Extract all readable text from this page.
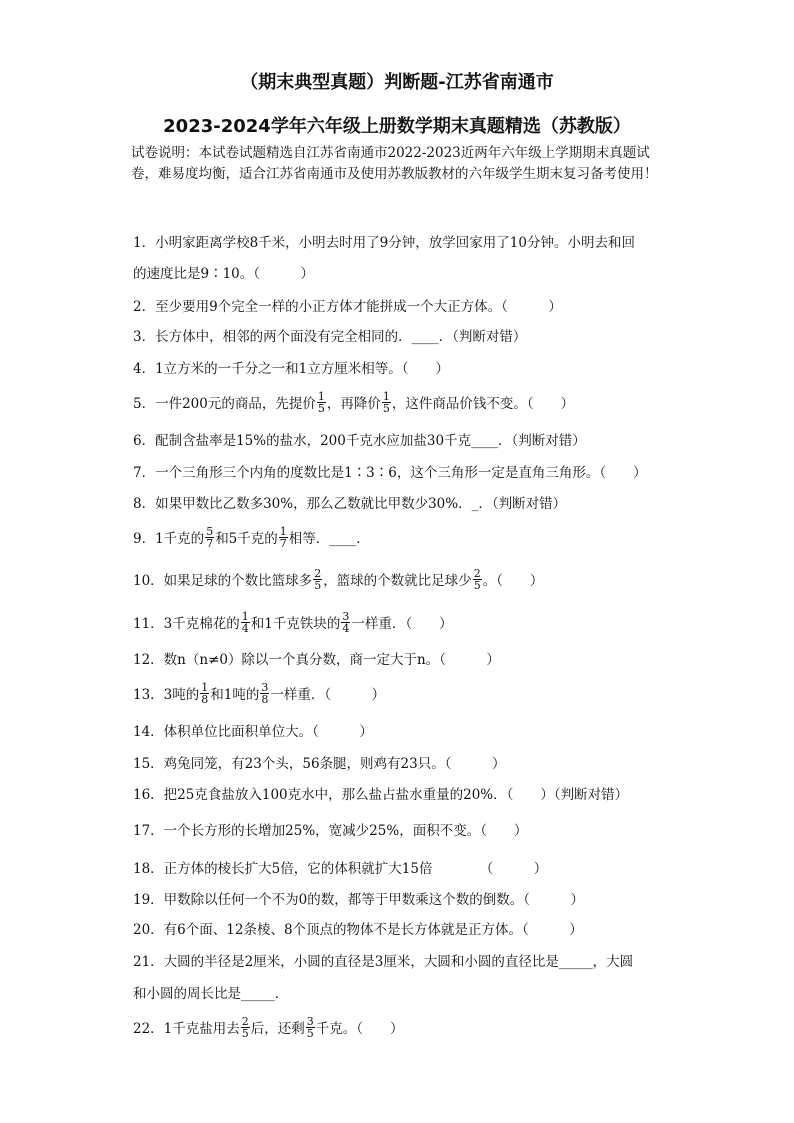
（期末典型真题）判断题-江苏省南通市
2023-2024学年六年级上册数学期末真题精选（苏教版）
试卷说明：本试卷试题精选自江苏省南通市2022-2023近两年六年级上学期期末真题试
卷，难易度均衡，适合江苏省南通市及使用苏教版教材的六年级学生期末复习备考使用！
1．小明家距离学校8千米，小明去时用了9分钟，放学回家用了10分钟。小明去和回
的速度比是9∶10。（　　　）
2．至少要用9个完全一样的小正方体才能拼成一个大正方体。（　　　）
3．长方体中，相邻的两个面没有完全相同的．____．（判断对错）
4．1立方米的一千分之一和1立方厘米相等。（　　）
5．一件200元的商品，先提价 $\frac{1}{5}$ ，再降价 $\frac{1}{5}$ ，这件商品价钱不变。（　　）
6．配制含盐率是15%的盐水，200千克水应加盐30千克____．（判断对错）
7．一个三角形三个内角的度数比是1∶3∶6，这个三角形一定是直角三角形。（　　）
8．如果甲数比乙数多30%，那么乙数就比甲数少30%．_．（判断对错）
9．1千克的 $\frac{5}{7}$ 和5千克的 $\frac{1}{7}$ 相等．____．
10．如果足球的个数比篮球多 $\frac{2}{5}$ ，篮球的个数就比足球少 $\frac{2}{5}$ 。（　　）
11．3千克棉花的 $\frac{1}{4}$ 和1千克铁块的 $\frac{3}{4}$ 一样重．（　　）
12．数n（n≠0）除以一个真分数，商一定大于n。（　　　）
13．3吨的 $\frac{1}{8}$ 和1吨的 $\frac{3}{8}$ 一样重．（　　　）
14．体积单位比面积单位大。（　　　）
15．鸡兔同笼，有23个头，56条腿，则鸡有23只。（　　　）
16．把25克食盐放入100克水中，那么盐占盐水重量的20%．（　　）（判断对错）
17．一个长方形的长增加25%，宽减少25%，面积不变。（　　）
18．正方体的棱长扩大5倍，它的体积就扩大15倍　　　　（　　　）
19．甲数除以任何一个不为0的数，都等于甲数乘这个数的倒数。（　　　）
20．有6个面、12条棱、8个顶点的物体不是长方体就是正方体。（　　　）
21．大圆的半径是2厘米，小圆的直径是3厘米，大圆和小圆的直径比是_____，大圆
和小圆的周长比是_____．
22．1千克盐用去 $\frac{2}{5}$ 后，还剩 $\frac{3}{5}$ 千克。（　　）
